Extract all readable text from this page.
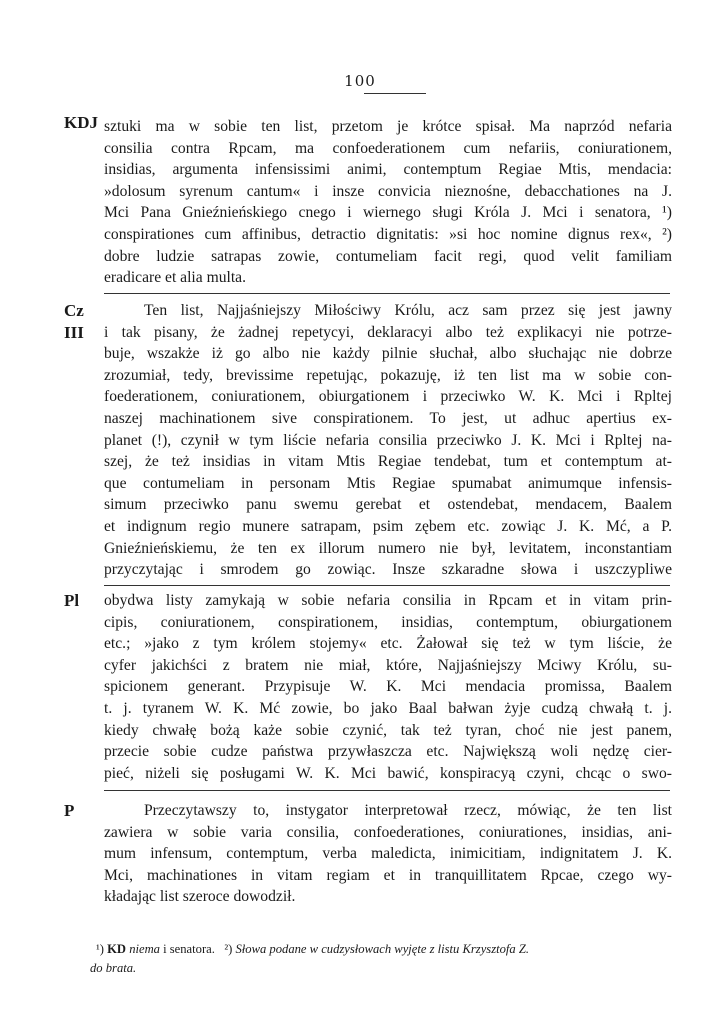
100
KDJ sztuki ma w sobie ten list, przetom je krótce spisał. Ma naprzód nefaria
consilia contra Rpcam, ma confoederationem cum nefariis, coniurationem,
insidias, argumenta infensissimi animi, contemptum Regiae Mtis, mendacia:
»dolosum syrenum cantum« i insze convicia nieznośne, debacchationes na J.
Mci Pana Gnieźnieńskiego cnego i wiernego sługi Króla J. Mci i senatora, ¹)
conspirationes cum affinibus, detractio dignitatis: »si hoc nomine dignus rex«, ²)
dobre ludzie satrapas zowie, contumeliam facit regi, quod velit familiam
eradicare et alia multa.
Cz
III
Ten list, Najjaśniejszy Miłościwy Królu, acz sam przez się jest jawny
i tak pisany, że żadnej repetycyi, deklaracyi albo też explikacyi nie potrze-
buje, wszakże iż go albo nie każdy pilnie słuchał, albo słuchając nie dobrze
zrozumiał, tedy, brevissime repetując, pokazuję, iż ten list ma w sobie con-
foederationem, coniurationem, obiurgationem i przeciwko W. K. Mci i Rpltej
naszej machinationem sive conspirationem. To jest, ut adhuc apertius ex-
planet (!), czynił w tym liście nefaria consilia przeciwko J. K. Mci i Rpltej na-
szej, że też insidias in vitam Mtis Regiae tendebat, tum et contemptum at-
que contumeliam in personam Mtis Regiae spumabat animumque infensis-
simum przeciwko panu swemu gerebat et ostendebat, mendacem, Baalem
et indignum regio munere satrapam, psim zębem etc. zowiąc J. K. Mć, a P.
Gnieźnieńskiemu, że ten ex illorum numero nie był, levitatem, inconstantiam
przyczytając i smrodem go zowiąc. Insze szkaradne słowa i uszczypliwe
Pl obydwa listy zamykają w sobie nefaria consilia in Rpcam et in vitam prin-
cipis, coniurationem, conspirationem, insidias, contemptum, obiurgationem
etc.; »jako z tym królem stojemy« etc. Żałował się też w tym liście, że
cyfer jakichści z bratem nie miał, które, Najjaśniejszy Mciwy Królu, su-
spicionem generant. Przypisuje W. K. Mci mendacia promissa, Baalem
t. j. tyranem W. K. Mć zowie, bo jako Baal bałwan żyje cudzą chwałą t. j.
kiedy chwałę bożą każe sobie czynić, tak też tyran, choć nie jest panem,
przecie sobie cudze państwa przywłaszcza etc. Największą woli nędzę cier-
pieć, niżeli się posługami W. K. Mci bawić, konspiracyą czyni, chcąc o swo-
P	Przeczytawszy to, instygator interpretował rzecz, mówiąc, że ten list
zawiera w sobie varia consilia, confoederationes, coniurationes, insidias, ani-
mum infensum, contemptum, verba maledicta, inimicitiam, indignitatem J. K.
Mci, machinationes in vitam regiam et in tranquillitatem Rpcae, czego wy-
kładając list szeroce dowodził.
¹) KD niema i senatora. ²) Słowa podane w cudzysłowach wyjęte z listu Krzysztofa Z.
do brata.
